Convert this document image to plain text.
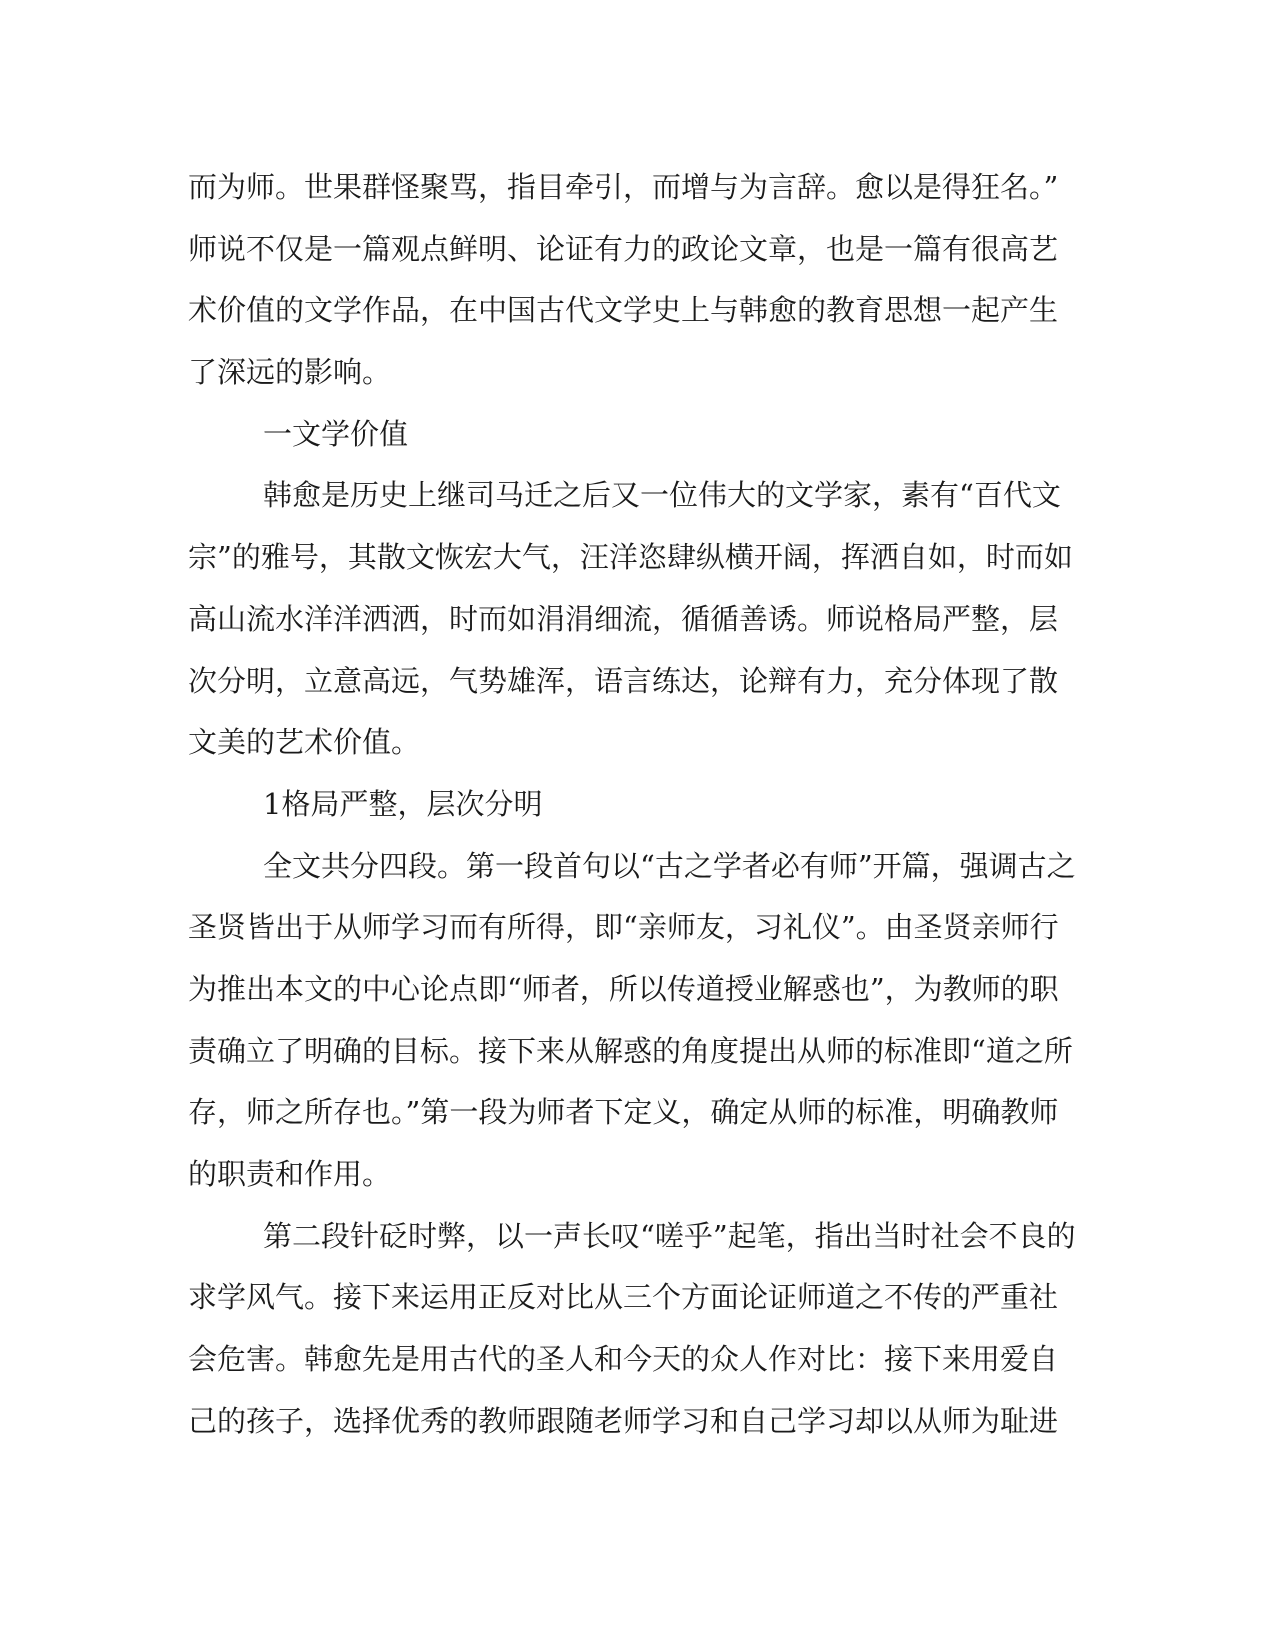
而为师。世果群怪聚骂，指目牵引，而增与为言辞。愈以是得狂名。”
师说不仅是一篇观点鲜明、论证有力的政论文章，也是一篇有很高艺
术价值的文学作品，在中国古代文学史上与韩愈的教育思想一起产生
了深远的影响。

一文学价值

韩愈是历史上继司马迁之后又一位伟大的文学家，素有“百代文
宗”的雅号，其散文恢宏大气，汪洋恣肆纵横开阔，挥洒自如，时而如
高山流水洋洋洒洒，时而如涓涓细流，循循善诱。师说格局严整，层
次分明，立意高远，气势雄浑，语言练达，论辩有力，充分体现了散
文美的艺术价值。

1格局严整，层次分明

全文共分四段。第一段首句以“古之学者必有师”开篇，强调古之
圣贤皆出于从师学习而有所得，即“亲师友，习礼仪”。由圣贤亲师行
为推出本文的中心论点即“师者，所以传道授业解惑也”，为教师的职
责确立了明确的目标。接下来从解惑的角度提出从师的标准即“道之所
存，师之所存也。”第一段为师者下定义，确定从师的标准，明确教师
的职责和作用。

第二段针砭时弊，以一声长叹“嗟乎”起笔，指出当时社会不良的
求学风气。接下来运用正反对比从三个方面论证师道之不传的严重社
会危害。韩愈先是用古代的圣人和今天的众人作对比：接下来用爱自
己的孩子，选择优秀的教师跟随老师学习和自己学习却以从师为耻进
